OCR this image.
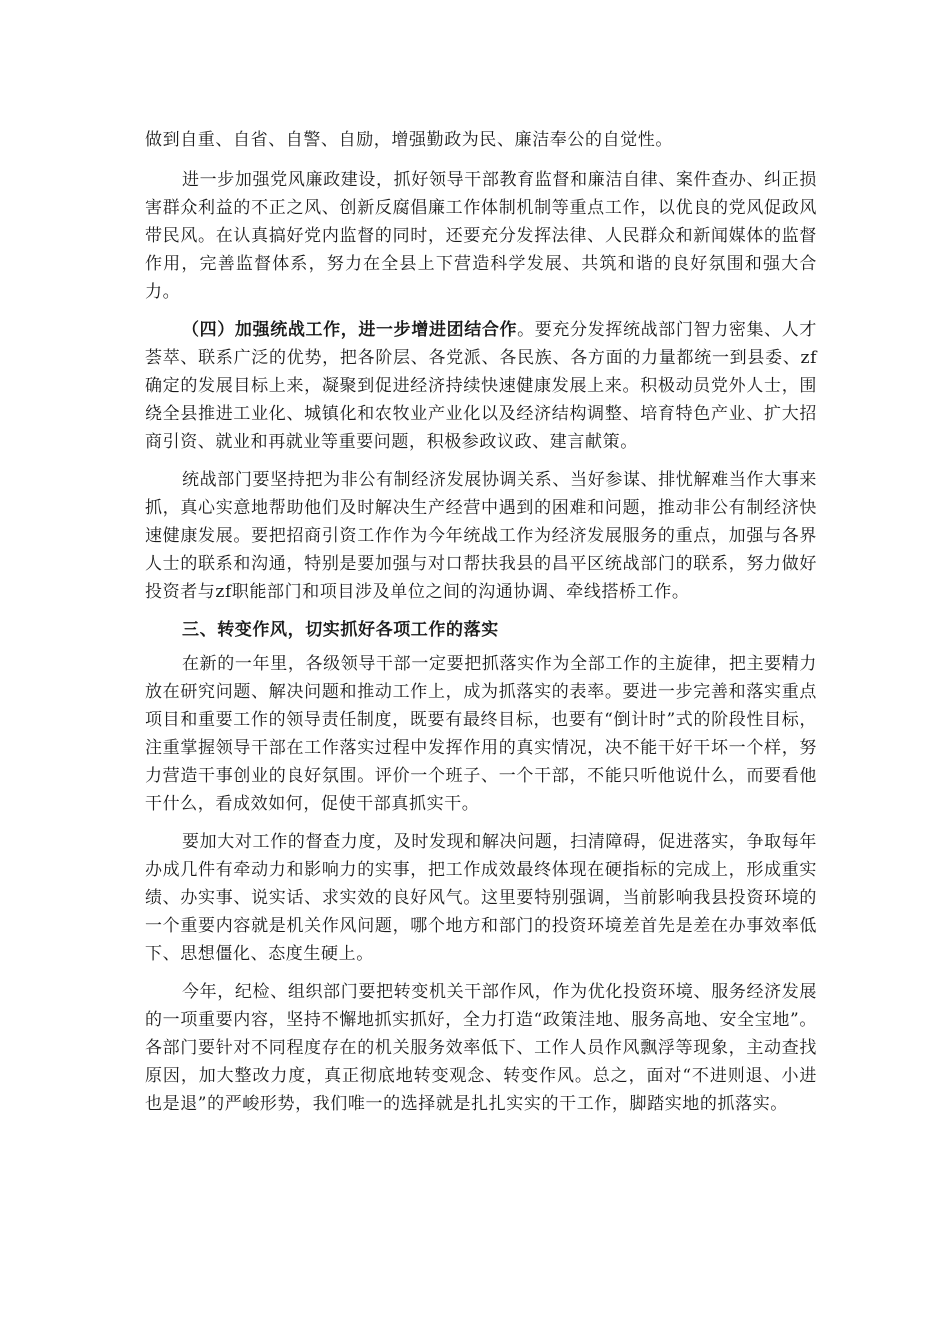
做到自重、自省、自警、自励，增强勤政为民、廉洁奉公的自觉性。

进一步加强党风廉政建设，抓好领导干部教育监督和廉洁自律、案件查办、纠正损害群众利益的不正之风、创新反腐倡廉工作体制机制等重点工作，以优良的党风促政风带民风。在认真搞好党内监督的同时，还要充分发挥法律、人民群众和新闻媒体的监督作用，完善监督体系，努力在全县上下营造科学发展、共筑和谐的良好氛围和强大合力。

（四）加强统战工作，进一步增进团结合作。要充分发挥统战部门智力密集、人才荟萃、联系广泛的优势，把各阶层、各党派、各民族、各方面的力量都统一到县委、zf确定的发展目标上来，凝聚到促进经济持续快速健康发展上来。积极动员党外人士，围绕全县推进工业化、城镇化和农牧业产业化以及经济结构调整、培育特色产业、扩大招商引资、就业和再就业等重要问题，积极参政议政、建言献策。

统战部门要坚持把为非公有制经济发展协调关系、当好参谋、排忧解难当作大事来抓，真心实意地帮助他们及时解决生产经营中遇到的困难和问题，推动非公有制经济快速健康发展。要把招商引资工作作为今年统战工作为经济发展服务的重点，加强与各界人士的联系和沟通，特别是要加强与对口帮扶我县的昌平区统战部门的联系，努力做好投资者与zf职能部门和项目涉及单位之间的沟通协调、牵线搭桥工作。

三、转变作风，切实抓好各项工作的落实

在新的一年里，各级领导干部一定要把抓落实作为全部工作的主旋律，把主要精力放在研究问题、解决问题和推动工作上，成为抓落实的表率。要进一步完善和落实重点项目和重要工作的领导责任制度，既要有最终目标，也要有“倒计时”式的阶段性目标，注重掌握领导干部在工作落实过程中发挥作用的真实情况，决不能干好干坏一个样，努力营造干事创业的良好氛围。评价一个班子、一个干部，不能只听他说什么，而要看他干什么，看成效如何，促使干部真抓实干。

要加大对工作的督查力度，及时发现和解决问题，扫清障碍，促进落实，争取每年办成几件有牵动力和影响力的实事，把工作成效最终体现在硬指标的完成上，形成重实绩、办实事、说实话、求实效的良好风气。这里要特别强调，当前影响我县投资环境的一个重要内容就是机关作风问题，哪个地方和部门的投资环境差首先是差在办事效率低下、思想僵化、态度生硬上。

今年，纪检、组织部门要把转变机关干部作风，作为优化投资环境、服务经济发展的一项重要内容，坚持不懈地抓实抓好，全力打造“政策洼地、服务高地、安全宝地”。各部门要针对不同程度存在的机关服务效率低下、工作人员作风飘浮等现象，主动查找原因，加大整改力度，真正彻底地转变观念、转变作风。总之，面对“不进则退、小进也是退”的严峻形势，我们唯一的选择就是扎扎实实的干工作，脚踏实地的抓落实。
